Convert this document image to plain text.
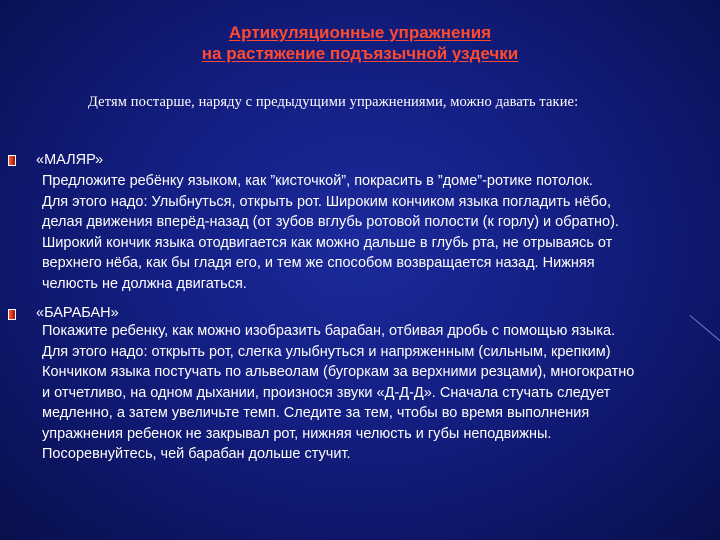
Артикуляционные упражнения
на растяжение подъязычной уздечки
Детям постарше, наряду с предыдущими упражнениями, можно давать такие:
«МАЛЯР»
Предложите ребёнку языком, как ”кисточкой”, покрасить в ”доме”-ротике потолок.
Для этого надо: Улыбнуться, открыть рот. Широким кончиком языка погладить нёбо,
делая движения вперёд-назад (от зубов вглубь ротовой полости (к горлу) и обратно).
Широкий кончик языка отодвигается как можно дальше в глубь рта, не отрываясь от
верхнего нёба, как бы гладя его, и тем же способом возвращается назад. Нижняя
челюсть не должна двигаться.
«БАРАБАН»
Покажите ребенку, как можно изобразить барабан, отбивая дробь с помощью языка.
Для этого надо: открыть рот, слегка улыбнуться и напряженным (сильным, крепким)
Кончиком языка постучать по альвеолам (бугоркам за верхними резцами), многократно
и отчетливо, на одном дыхании, произнося звуки «Д-Д-Д». Сначала стучать следует
медленно, а затем увеличьте темп. Следите за тем, чтобы во время выполнения
упражнения ребенок не закрывал рот, нижняя челюсть и губы неподвижны.
Посоревнуйтесь, чей барабан дольше стучит.
